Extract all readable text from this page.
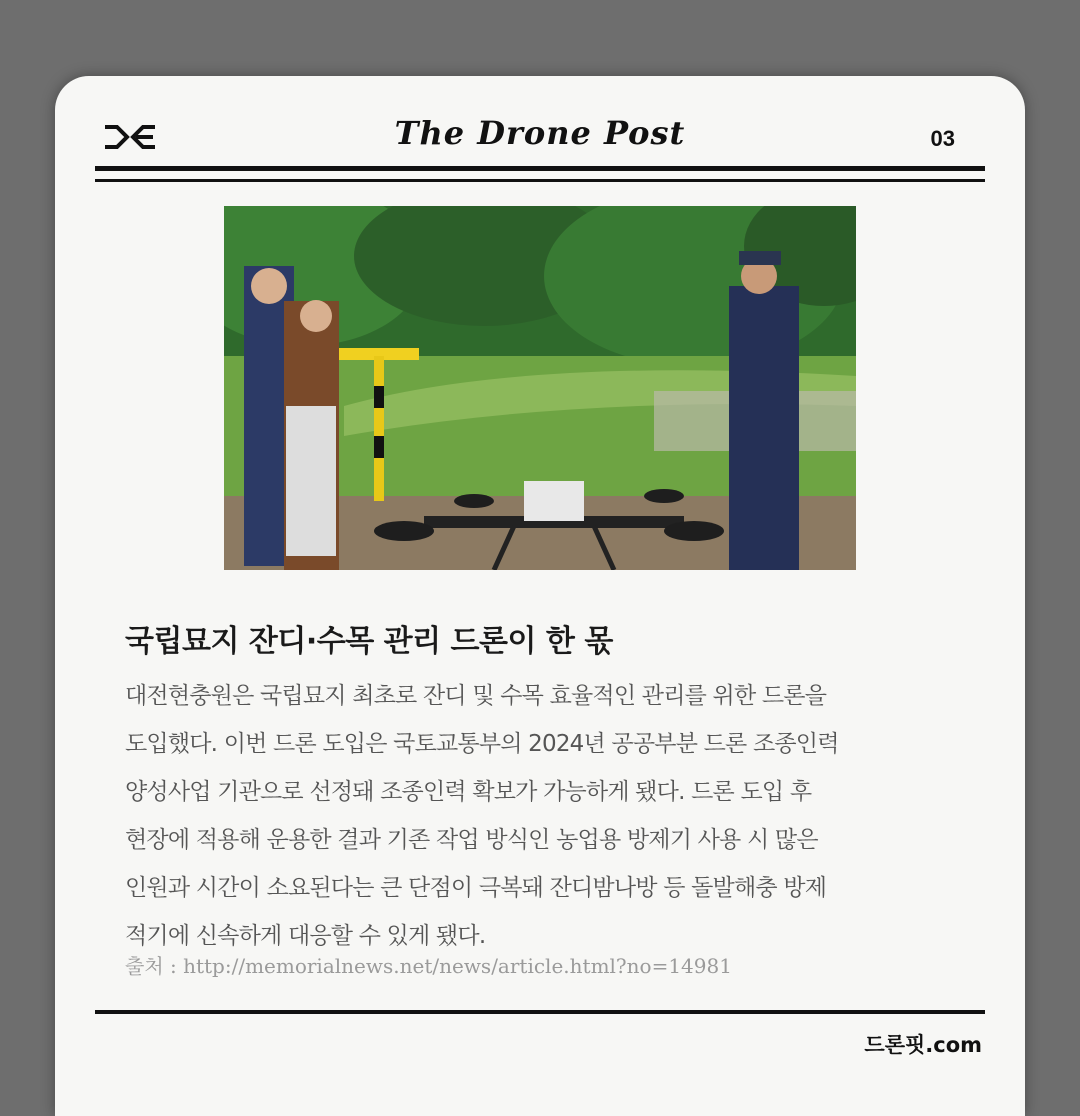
The Drone Post	03
국립묘지 잔디·수목 관리 드론이 한 몫
대전현충원은 국립묘지 최초로 잔디 및 수목 효율적인 관리를 위한 드론을
도입했다. 이번 드론 도입은 국토교통부의 2024년 공공부분 드론 조종인력
양성사업 기관으로 선정돼 조종인력 확보가 가능하게 됐다. 드론 도입 후
현장에 적용해 운용한 결과 기존 작업 방식인 농업용 방제기 사용 시 많은
인원과 시간이 소요된다는 큰 단점이 극복돼 잔디밤나방 등 돌발해충 방제
적기에 신속하게 대응할 수 있게 됐다.
출처 : http://memorialnews.net/news/article.html?no=14981
드론핏.com
